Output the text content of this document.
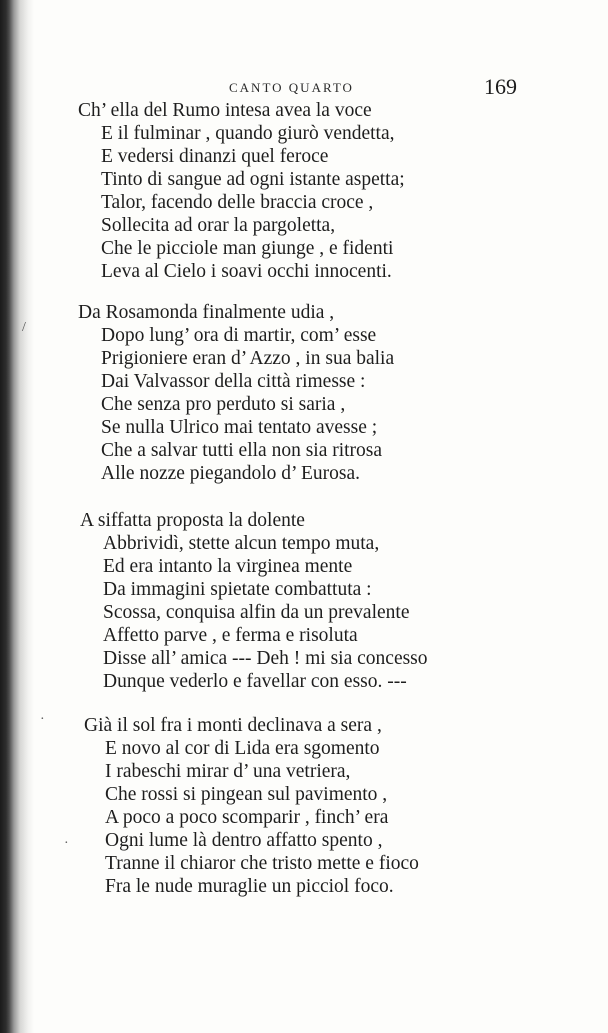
CANTO QUARTO	169
Ch’ ella del Rumo intesa avea la voce
E il fulminar , quando giurò vendetta,
E vedersi dinanzi quel feroce
Tinto di sangue ad ogni istante aspetta;
Talor, facendo delle braccia croce ,
Sollecita ad orar la pargoletta,
Che le picciole man giunge , e fidenti
Leva al Cielo i soavi occhi innocenti.
Da Rosamonda finalmente udia ,
Dopo lung’ ora di martir, com’ esse
Prigioniere eran d’ Azzo , in sua balia
Dai Valvassor della città rimesse :
Che senza pro perduto si saria ,
Se nulla Ulrico mai tentato avesse ;
Che a salvar tutti ella non sia ritrosa
Alle nozze piegandolo d’ Eurosa.
A siffatta proposta la dolente
Abbrividì, stette alcun tempo muta,
Ed era intanto la virginea mente
Da immagini spietate combattuta :
Scossa, conquisa alfin da un prevalente
Affetto parve , e ferma e risoluta
Disse all’ amica --- Deh ! mi sia concesso
Dunque vederlo e favellar con esso. ---
Già il sol fra i monti declinava a sera ,
E novo al cor di Lida era sgomento
I rabeschi mirar d’ una vetriera,
Che rossi si pingean sul pavimento ,
A poco a poco scomparir , finch’ era
Ogni lume là dentro affatto spento ,
Tranne il chiaror che tristo mette e fioco
Fra le nude muraglie un picciol foco.
/
·
·
